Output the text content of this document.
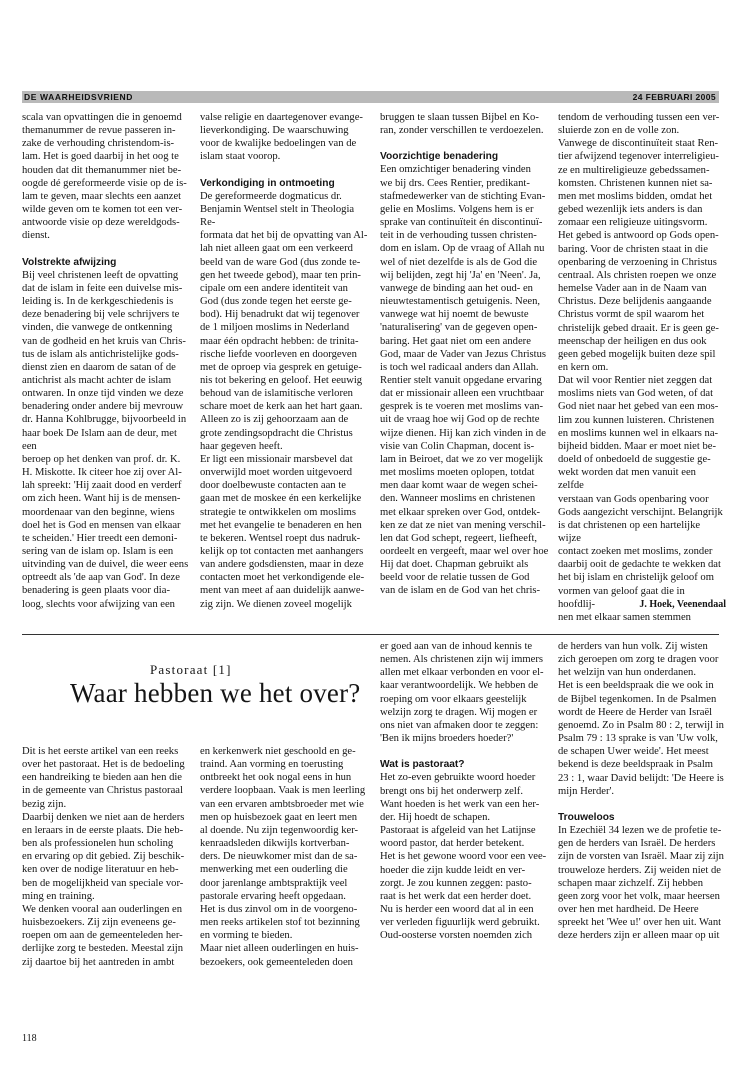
DE WAARHEIDSVRIEND	24 FEBRUARI 2005

scala van opvattingen die in genoemd

themanummer de revue passeren in-

zake de verhouding christendom-is-

lam. Het is goed daarbij in het oog te

houden dat dit themanummer niet be-

oogde dé gereformeerde visie op de is-

lam te geven, maar slechts een aanzet

wilde geven om te komen tot een ver-

antwoorde visie op deze wereldgods-

dienst.

Volstrekte afwijzing

Bij veel christenen leeft de opvatting

dat de islam in feite een duivelse mis-

leiding is. In de kerkgeschiedenis is

deze benadering bij vele schrijvers te

vinden, die vanwege de ontkenning

van de godheid en het kruis van Chris-

tus de islam als antichristelijke gods-

dienst zien en daarom de satan of de

antichrist als macht achter de islam

ontwaren. In onze tijd vinden we deze

benadering onder andere bij mevrouw

dr. Hanna Kohlbrugge, bijvoorbeeld in

haar boek De Islam aan de deur, met een

beroep op het denken van prof. dr. K.

H. Miskotte. Ik citeer hoe zij over Al-

lah spreekt: 'Hij zaait dood en verderf

om zich heen. Want hij is de mensen-

moordenaar van den beginne, wiens

doel het is God en mensen van elkaar

te scheiden.' Hier treedt een demoni-

sering van de islam op. Islam is een

uitvinding van de duivel, die weer eens

optreedt als 'de aap van God'. In deze

benadering is geen plaats voor dia-

loog, slechts voor afwijzing van een

valse religie en daartegenover evange-

lieverkondiging. De waarschuwing

voor de kwalijke bedoelingen van de

islam staat voorop.

Verkondiging in ontmoeting

De gereformeerde dogmaticus dr.

Benjamin Wentsel stelt in Theologia Re-

formata dat het bij de opvatting van Al-

lah niet alleen gaat om een verkeerd

beeld van de ware God (dus zonde te-

gen het tweede gebod), maar ten prin-

cipale om een andere identiteit van

God (dus zonde tegen het eerste ge-

bod). Hij benadrukt dat wij tegenover

de 1 miljoen moslims in Nederland

maar één opdracht hebben: de trinita-

rische liefde voorleven en doorgeven

met de oproep via gesprek en getuige-

nis tot bekering en geloof. Het eeuwig

behoud van de islamitische verloren

schare moet de kerk aan het hart gaan.

Alleen zo is zij gehoorzaam aan de

grote zendingsopdracht die Christus

haar gegeven heeft.

Er ligt een missionair marsbevel dat

onverwijld moet worden uitgevoerd

door doelbewuste contacten aan te

gaan met de moskee én een kerkelijke

strategie te ontwikkelen om moslims

met het evangelie te benaderen en hen

te bekeren. Wentsel roept dus nadruk-

kelijk op tot contacten met aanhangers

van andere godsdiensten, maar in deze

contacten moet het verkondigende ele-

ment van meet af aan duidelijk aanwe-

zig zijn. We dienen zoveel mogelijk

bruggen te slaan tussen Bijbel en Ko-

ran, zonder verschillen te verdoezelen.

Voorzichtige benadering

Een omzichtiger benadering vinden

we bij drs. Cees Rentier, predikant-

stafmedewerker van de stichting Evan-

gelie en Moslims. Volgens hem is er

sprake van continuïteit én discontinuï-

teit in de verhouding tussen christen-

dom en islam. Op de vraag of Allah nu

wel of niet dezelfde is als de God die

wij belijden, zegt hij 'Ja' en 'Neen'. Ja,

vanwege de binding aan het oud- en

nieuwtestamentisch getuigenis. Neen,

vanwege wat hij noemt de bewuste

'naturalisering' van de gegeven open-

baring. Het gaat niet om een andere

God, maar de Vader van Jezus Christus

is toch wel radicaal anders dan Allah.

Rentier stelt vanuit opgedane ervaring

dat er missionair alleen een vruchtbaar

gesprek is te voeren met moslims van-

uit de vraag hoe wij God op de rechte

wijze dienen. Hij kan zich vinden in de

visie van Colin Chapman, docent is-

lam in Beiroet, dat we zo ver mogelijk

met moslims moeten oplopen, totdat

men daar komt waar de wegen schei-

den. Wanneer moslims en christenen

met elkaar spreken over God, ontdek-

ken ze dat ze niet van mening verschil-

len dat God schept, regeert, liefheeft,

oordeelt en vergeeft, maar wel over hoe

Hij dat doet. Chapman gebruikt als

beeld voor de relatie tussen de God

van de islam en de God van het chris-

tendom de verhouding tussen een ver-

sluierde zon en de volle zon.

Vanwege de discontinuïteit staat Ren-

tier afwijzend tegenover interreligieu-

ze en multireligieuze gebedssamen-

komsten. Christenen kunnen niet sa-

men met moslims bidden, omdat het

gebed wezenlijk iets anders is dan

zomaar een religieuze uitingsvorm.

Het gebed is antwoord op Gods open-

baring. Voor de christen staat in die

openbaring de verzoening in Christus

centraal. Als christen roepen we onze

hemelse Vader aan in de Naam van

Christus. Deze belijdenis aangaande

Christus vormt de spil waarom het

christelijk gebed draait. Er is geen ge-

meenschap der heiligen en dus ook

geen gebed mogelijk buiten deze spil

en kern om.

Dat wil voor Rentier niet zeggen dat

moslims niets van God weten, of dat

God niet naar het gebed van een mos-

lim zou kunnen luisteren. Christenen

en moslims kunnen wel in elkaars na-

bijheid bidden. Maar er moet niet be-

doeld of onbedoeld de suggestie ge-

wekt worden dat men vanuit een zelfde

verstaan van Gods openbaring voor

Gods aangezicht verschijnt. Belangrijk

is dat christenen op een hartelijke wijze

contact zoeken met moslims, zonder

daarbij ooit de gedachte te wekken dat

het bij islam en christelijk geloof om

vormen van geloof gaat die in hoofdlij-

nen met elkaar samen stemmen

J. Hoek, Veenendaal
Pastoraat [1]
Waar hebben we het over?

Dit is het eerste artikel van een reeks

over het pastoraat. Het is de bedoeling

een handreiking te bieden aan hen die

in de gemeente van Christus pastoraal

bezig zijn.

Daarbij denken we niet aan de herders

en leraars in de eerste plaats. Die heb-

ben als professionelen hun scholing

en ervaring op dit gebied. Zij beschik-

ken over de nodige literatuur en heb-

ben de mogelijkheid van speciale vor-

ming en training.

We denken vooral aan ouderlingen en

huisbezoekers. Zij zijn eveneens ge-

roepen om aan de gemeenteleden her-

derlijke zorg te besteden. Meestal zijn

zij daartoe bij het aantreden in ambt

en kerkenwerk niet geschoold en ge-

traind. Aan vorming en toerusting

ontbreekt het ook nogal eens in hun

verdere loopbaan. Vaak is men leerling

van een ervaren ambtsbroeder met wie

men op huisbezoek gaat en leert men

al doende. Nu zijn tegenwoordig ker-

kenraadsleden dikwijls kortverban-

ders. De nieuwkomer mist dan de sa-

menwerking met een ouderling die

door jarenlange ambtspraktijk veel

pastorale ervaring heeft opgedaan.

Het is dus zinvol om in de voorgeno-

men reeks artikelen stof tot bezinning

en vorming te bieden.

Maar niet alleen ouderlingen en huis-

bezoekers, ook gemeenteleden doen

er goed aan van de inhoud kennis te

nemen. Als christenen zijn wij immers

allen met elkaar verbonden en voor el-

kaar verantwoordelijk. We hebben de

roeping om voor elkaars geestelijk

welzijn zorg te dragen. Wij mogen er

ons niet van afmaken door te zeggen:

'Ben ik mijns broeders hoeder?'

Wat is pastoraat?

Het zo-even gebruikte woord hoeder

brengt ons bij het onderwerp zelf.

Want hoeden is het werk van een her-

der. Hij hoedt de schapen.

Pastoraat is afgeleid van het Latijnse

woord pastor, dat herder betekent.

Het is het gewone woord voor een vee-

hoeder die zijn kudde leidt en ver-

zorgt. Je zou kunnen zeggen: pasto-

raat is het werk dat een herder doet.

Nu is herder een woord dat al in een

ver verleden figuurlijk werd gebruikt.

Oud-oosterse vorsten noemden zich

de herders van hun volk. Zij wisten

zich geroepen om zorg te dragen voor

het welzijn van hun onderdanen.

Het is een beeldspraak die we ook in

de Bijbel tegenkomen. In de Psalmen

wordt de Heere de Herder van Israël

genoemd. Zo in Psalm 80 : 2, terwijl in

Psalm 79 : 13 sprake is van 'Uw volk,

de schapen Uwer weide'. Het meest

bekend is deze beeldspraak in Psalm

23 : 1, waar David belijdt: 'De Heere is

mijn Herder'.

Trouweloos

In Ezechiël 34 lezen we de profetie te-

gen de herders van Israël. De herders

zijn de vorsten van Israël. Maar zij zijn

trouweloze herders. Zij weiden niet de

schapen maar zichzelf. Zij hebben

geen zorg voor het volk, maar heersen

over hen met hardheid. De Heere

spreekt het 'Wee u!' over hen uit. Want

deze herders zijn er alleen maar op uit

118
